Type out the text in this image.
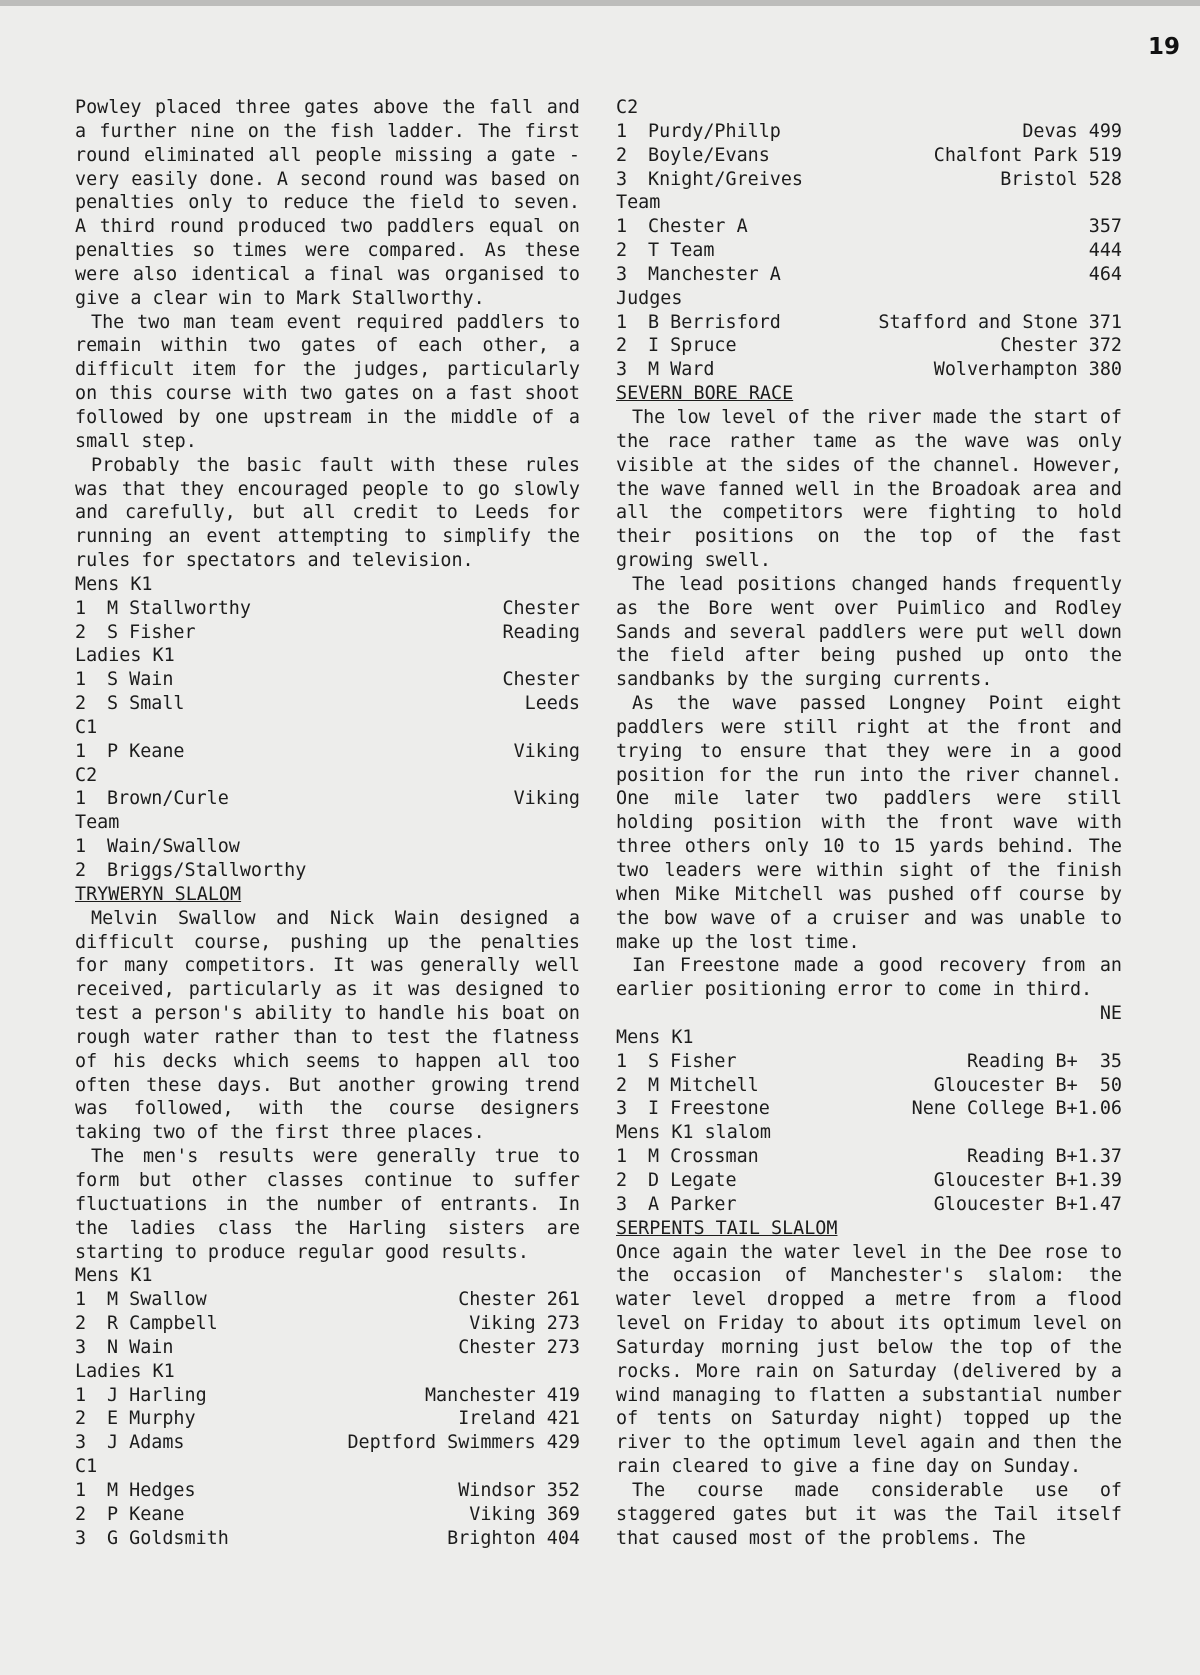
19

Powley placed three gates above the fall and a further nine on the fish ladder. The first round eliminated all people missing a gate - very easily done. A second round was based on penalties only to reduce the field to seven. A third round produced two paddlers equal on penalties so times were compared. As these were also identical a final was organised to give a clear win to Mark Stallworthy.

The two man team event required paddlers to remain within two gates of each other, a difficult item for the judges, particularly on this course with two gates on a fast shoot followed by one upstream in the middle of a small step.

Probably the basic fault with these rules was that they encouraged people to go slowly and carefully, but all credit to Leeds for running an event attempting to simplify the rules for spectators and television.

Mens K1
1	M Stallworthy	Chester
2	S Fisher	Reading
Ladies K1
1	S Wain	Chester
2	S Small	Leeds
C1
1	P Keane	Viking
C2
1	Brown/Curle	Viking
Team
1	Wain/Swallow
2	Briggs/Stallworthy
TRYWERYN SLALOM

Melvin Swallow and Nick Wain designed a difficult course, pushing up the penalties for many competitors. It was generally well received, particularly as it was designed to test a person's ability to handle his boat on rough water rather than to test the flatness of his decks which seems to happen all too often these days. But another growing trend was followed, with the course designers taking two of the first three places.

The men's results were generally true to form but other classes continue to suffer fluctuations in the number of entrants. In the ladies class the Harling sisters are starting to produce regular good results.

Mens K1
1	M Swallow	Chester 261
2	R Campbell	Viking 273
3	N Wain	Chester 273
Ladies K1
1	J Harling	Manchester 419
2	E Murphy	Ireland 421
3	J Adams	Deptford Swimmers 429
C1
1	M Hedges	Windsor 352
2	P Keane	Viking 369
3	G Goldsmith	Brighton 404
C2
1	Purdy/Phillp	Devas 499
2	Boyle/Evans	Chalfont Park 519
3	Knight/Greives	Bristol 528
Team
1	Chester A	357
2	T Team	444
3	Manchester A	464
Judges
1	B Berrisford	Stafford and Stone 371
2	I Spruce	Chester 372
3	M Ward	Wolverhampton 380
SEVERN BORE RACE

The low level of the river made the start of the race rather tame as the wave was only visible at the sides of the channel. However, the wave fanned well in the Broadoak area and all the competitors were fighting to hold their positions on the top of the fast growing swell.

The lead positions changed hands frequently as the Bore went over Puimlico and Rodley Sands and several paddlers were put well down the field after being pushed up onto the sandbanks by the surging currents.

As the wave passed Longney Point eight paddlers were still right at the front and trying to ensure that they were in a good position for the run into the river channel. One mile later two paddlers were still holding position with the front wave with three others only 10 to 15 yards behind. The two leaders were within sight of the finish when Mike Mitchell was pushed off course by the bow wave of a cruiser and was unable to make up the lost time.

Ian Freestone made a good recovery from an earlier positioning error to come in third.

NE
Mens K1
1	S Fisher	Reading B+  35
2	M Mitchell	Gloucester B+  50
3	I Freestone	Nene College B+1.06
Mens K1 slalom
1	M Crossman	Reading B+1.37
2	D Legate	Gloucester B+1.39
3	A Parker	Gloucester B+1.47
SERPENTS TAIL SLALOM

Once again the water level in the Dee rose to the occasion of Manchester's slalom: the water level dropped a metre from a flood level on Friday to about its optimum level on Saturday morning just below the top of the rocks. More rain on Saturday (delivered by a wind managing to flatten a substantial number of tents on Saturday night) topped up the river to the optimum level again and then the rain cleared to give a fine day on Sunday.

The course made considerable use of staggered gates but it was the Tail itself that caused most of the problems. The
